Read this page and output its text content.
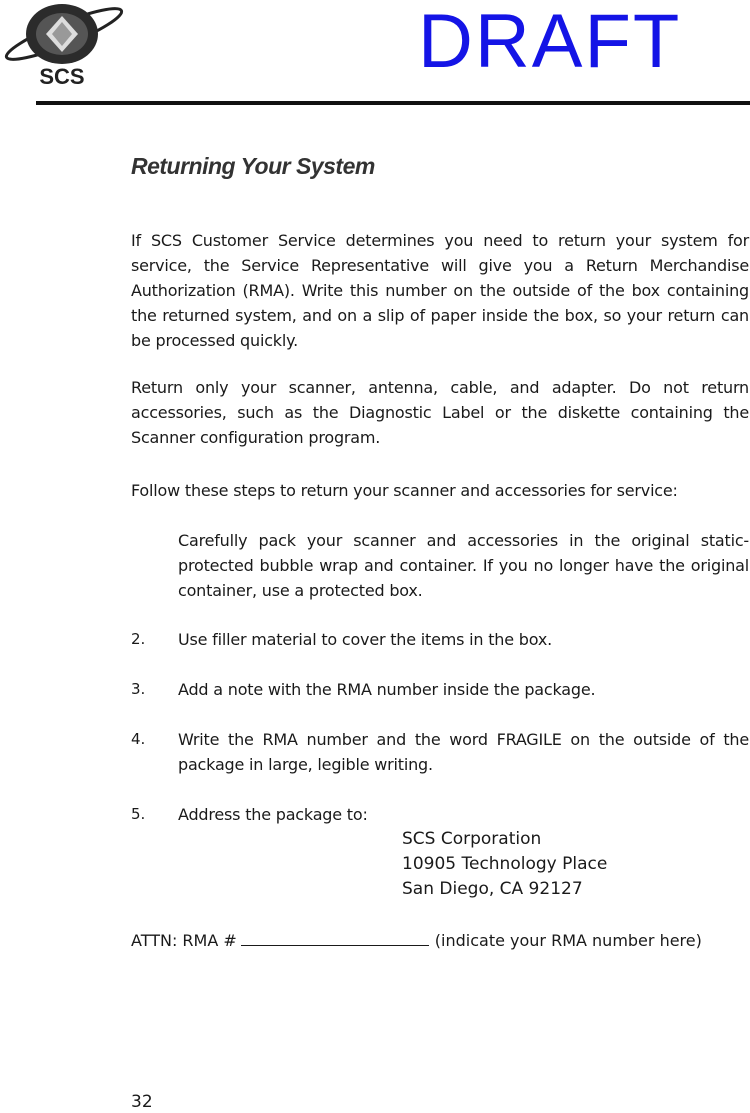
SCS	DRAFT
Returning Your System

If SCS Customer Service determines you need to return your system for service, the Service Representative will give you a Return Merchandise Authorization (RMA). Write this number on the outside of the box containing the returned system, and on a slip of paper inside the box, so your return can be processed quickly.

Return only your scanner, antenna, cable, and adapter. Do not return accessories, such as the Diagnostic Label or the diskette containing the Scanner configuration program.

Follow these steps to return your scanner and accessories for service:

Carefully pack your scanner and accessories in the original static-protected bubble wrap and container. If you no longer have the original container, use a protected box.

2. Use filler material to cover the items in the box.

3. Add a note with the RMA number inside the package.

4. Write the RMA number and the word FRAGILE on the outside of the package in large, legible writing.

5. Address the package to:

SCS Corporation
10905 Technology Place
San Diego, CA 92127
ATTN: RMA #	(indicate your RMA number here)
32
